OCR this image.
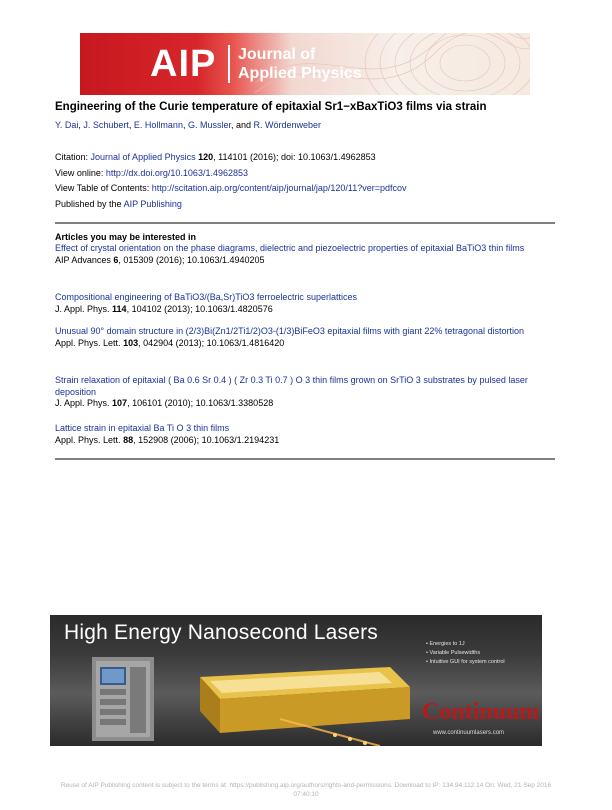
AIP Journal of
Applied Physics
Engineering of the Curie temperature of epitaxial Sr1−xBaxTiO3 films via strain
Y. Dai, J. Schubert, E. Hollmann, G. Mussler, and R. Wördenweber
Citation: Journal of Applied Physics 120, 114101 (2016); doi: 10.1063/1.4962853
View online: http://dx.doi.org/10.1063/1.4962853
View Table of Contents: http://scitation.aip.org/content/aip/journal/jap/120/11?ver=pdfcov
Published by the AIP Publishing
Articles you may be interested in
Effect of crystal orientation on the phase diagrams, dielectric and piezoelectric properties of epitaxial BaTiO3 thin films
AIP Advances 6, 015309 (2016); 10.1063/1.4940205
Compositional engineering of BaTiO3/(Ba,Sr)TiO3 ferroelectric superlattices
J. Appl. Phys. 114, 104102 (2013); 10.1063/1.4820576
Unusual 90° domain structure in (2/3)Bi(Zn1/2Ti1/2)O3-(1/3)BiFeO3 epitaxial films with giant 22% tetragonal distortion
Appl. Phys. Lett. 103, 042904 (2013); 10.1063/1.4816420
Strain relaxation of epitaxial ( Ba 0.6 Sr 0.4 ) ( Zr 0.3 Ti 0.7 ) O 3 thin films grown on SrTiO 3 substrates by pulsed laser deposition
J. Appl. Phys. 107, 106101 (2010); 10.1063/1.3380528
Lattice strain in epitaxial Ba Ti O 3 thin films
Appl. Phys. Lett. 88, 152908 (2006); 10.1063/1.2194231
High Energy Nanosecond Lasers	• Energies to 1J
• Variable Pulsewidths
• Intuitive GUI for system control
Continuum
www.continuumlasers.com
Reuse of AIP Publishing content is subject to the terms at: https://publishing.aip.org/authors/rights-and-permissions. Download to IP: 134.94.112.14 On: Wed, 21 Sep 2016
07:40:10
